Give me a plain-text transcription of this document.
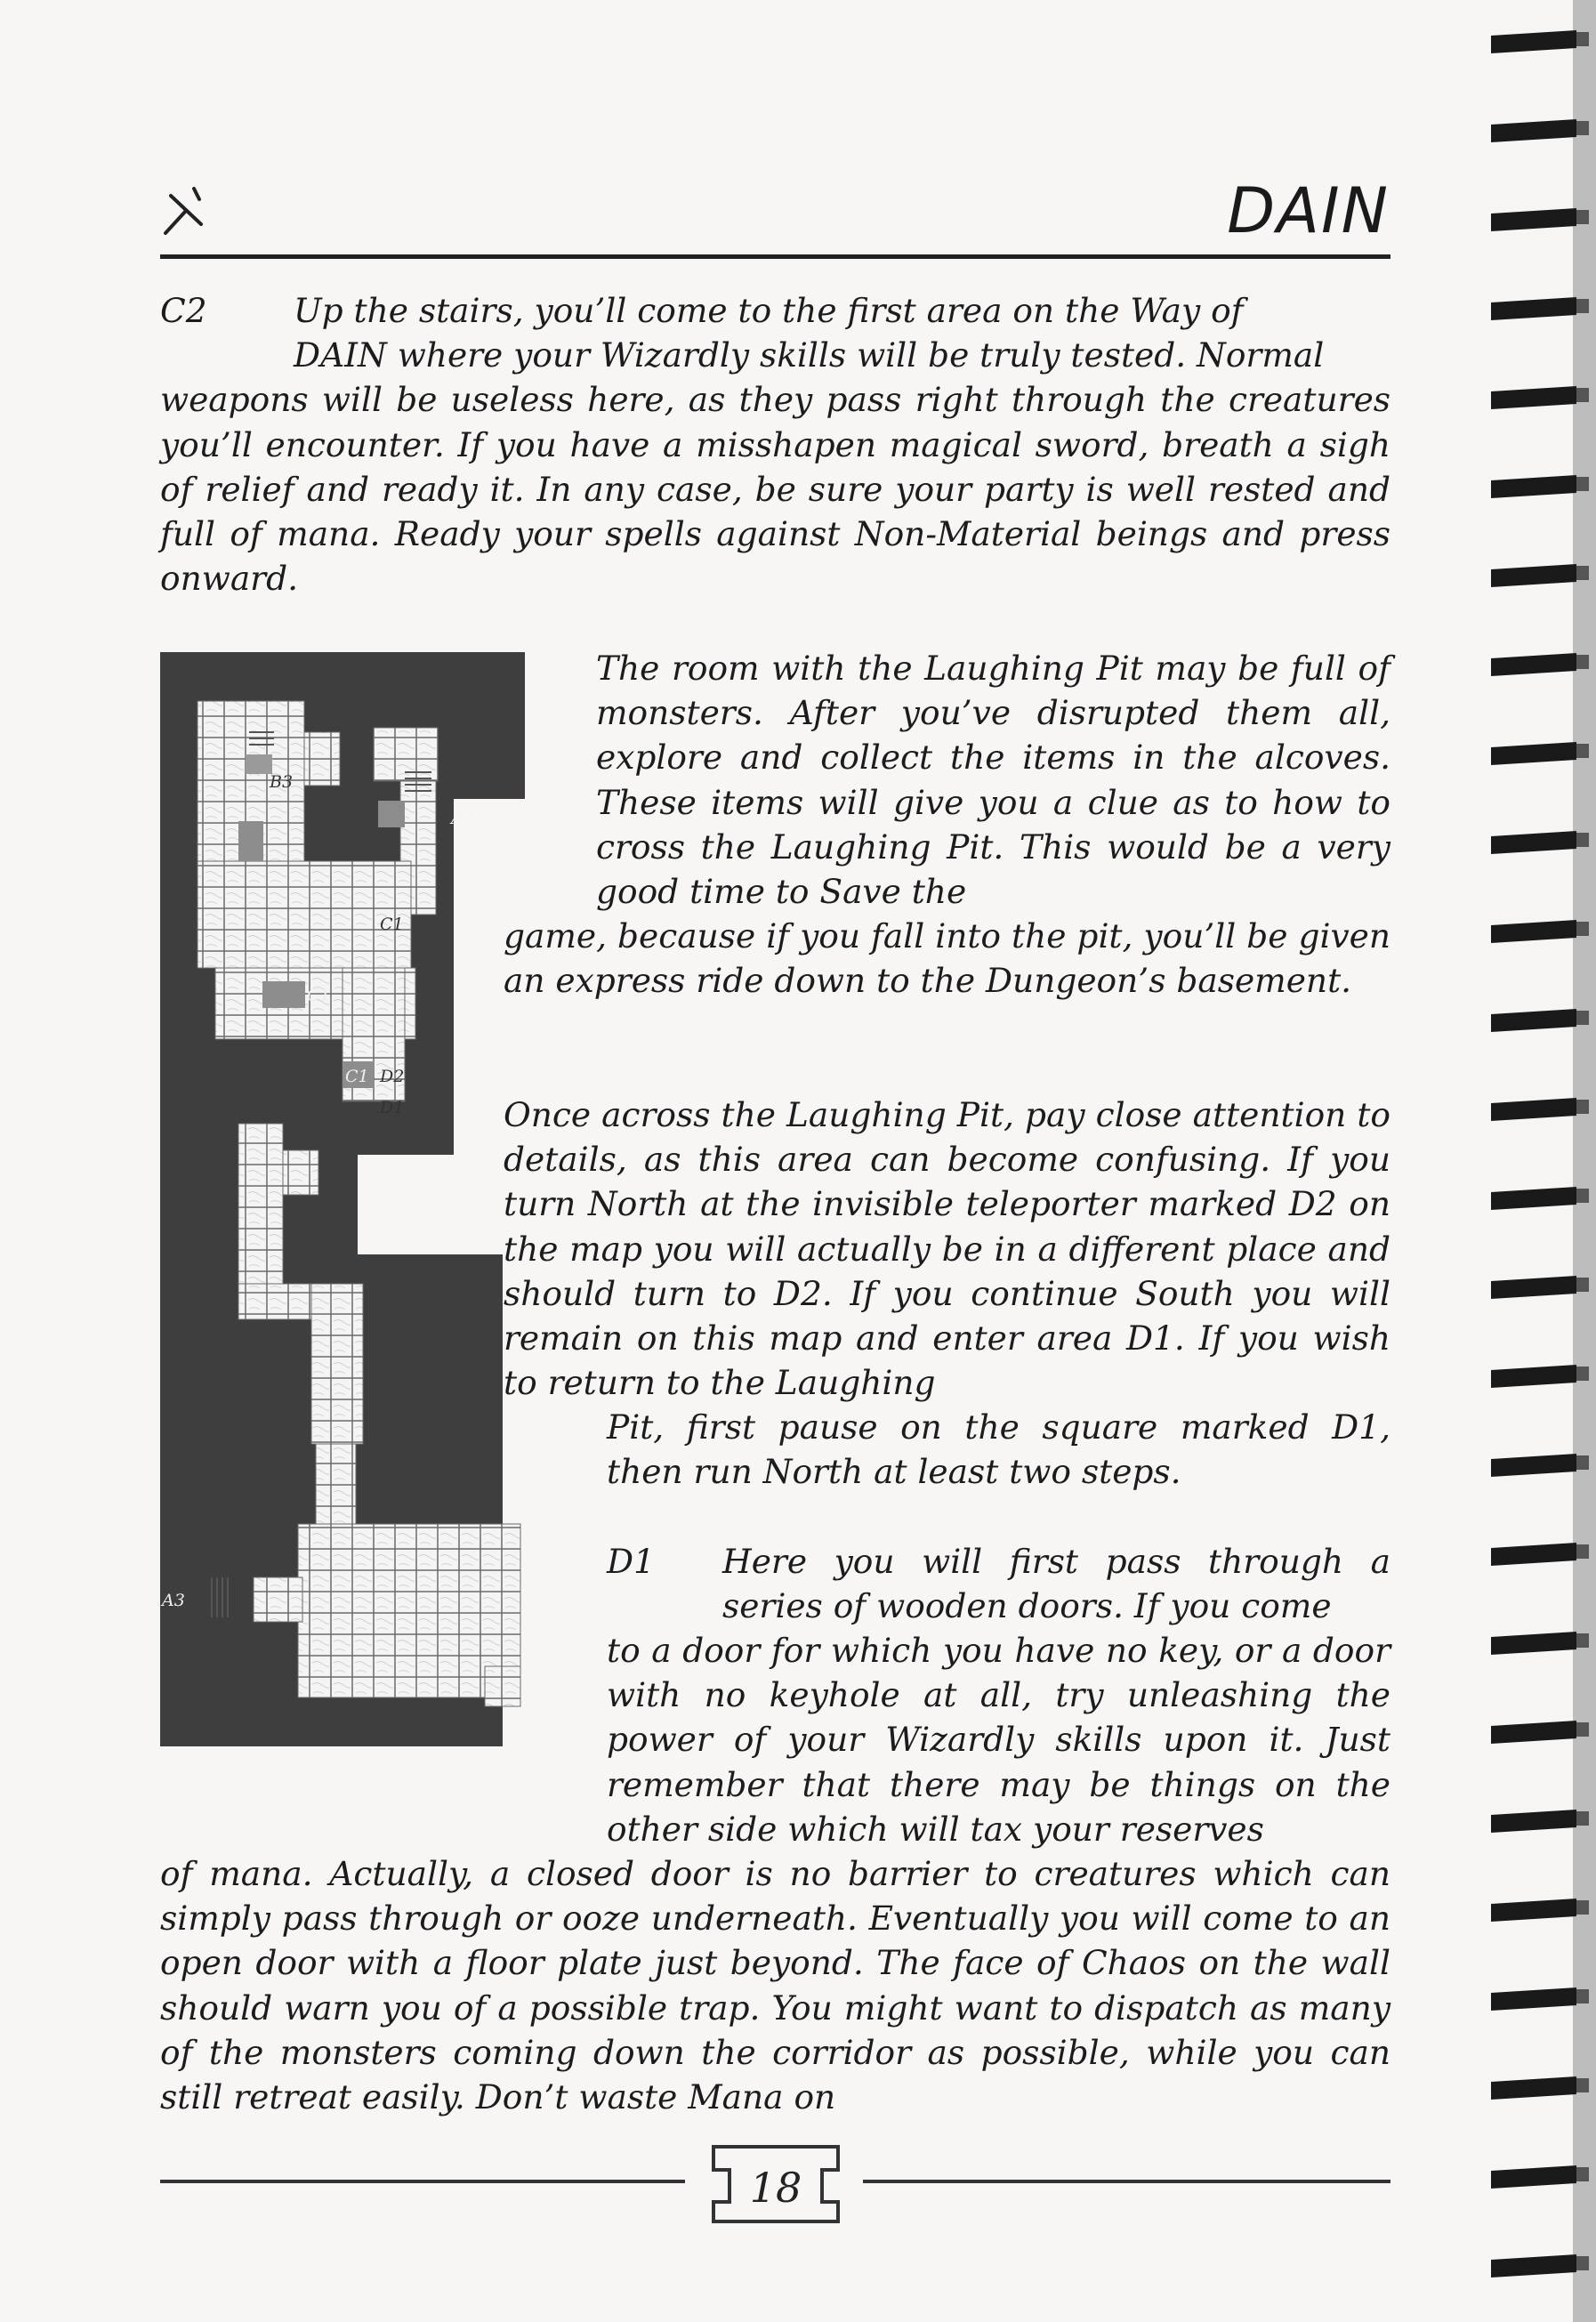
DAIN
C2	Up the stairs, you’ll come to the first area on the Way of

DAIN where your Wizardly skills will be truly tested. Normal

weapons will be useless here, as they pass right through the creatures you’ll encounter. If you have a misshapen magical sword, breath a sigh of relief and ready it. In any case, be sure your party is well rested and full of mana. Ready your spells against Non-Material beings and press onward.

B3
A3
C1
C1
C1 D2
D1
A3

The room with the Laughing Pit may be full of monsters. After you’ve disrupted them all, explore and collect the items in the alcoves. These items will give you a clue as to how to cross the Laughing Pit. This would be a very good time to Save the

game, because if you fall into the pit, you’ll be given an express ride down to the Dungeon’s basement.

Once across the Laughing Pit, pay close attention to details, as this area can become confusing. If you turn North at the invisible teleporter marked D2 on the map you will actually be in a different place and should turn to D2. If you continue South you will remain on this map and enter area D1. If you wish to return to the Laughing

Pit, first pause on the square marked D1, then run North at least two steps.

D1 Here you will first pass through a series of wooden doors. If you come

to a door for which you have no key, or a door with no keyhole at all, try unleashing the power of your Wizardly skills upon it. Just remember that there may be things on the other side which will tax your reserves

of mana. Actually, a closed door is no barrier to creatures which can simply pass through or ooze underneath. Eventually you will come to an open door with a floor plate just beyond. The face of Chaos on the wall should warn you of a possible trap. You might want to dispatch as many of the monsters coming down the corridor as possible, while you can still retreat easily. Don’t waste Mana on

18
